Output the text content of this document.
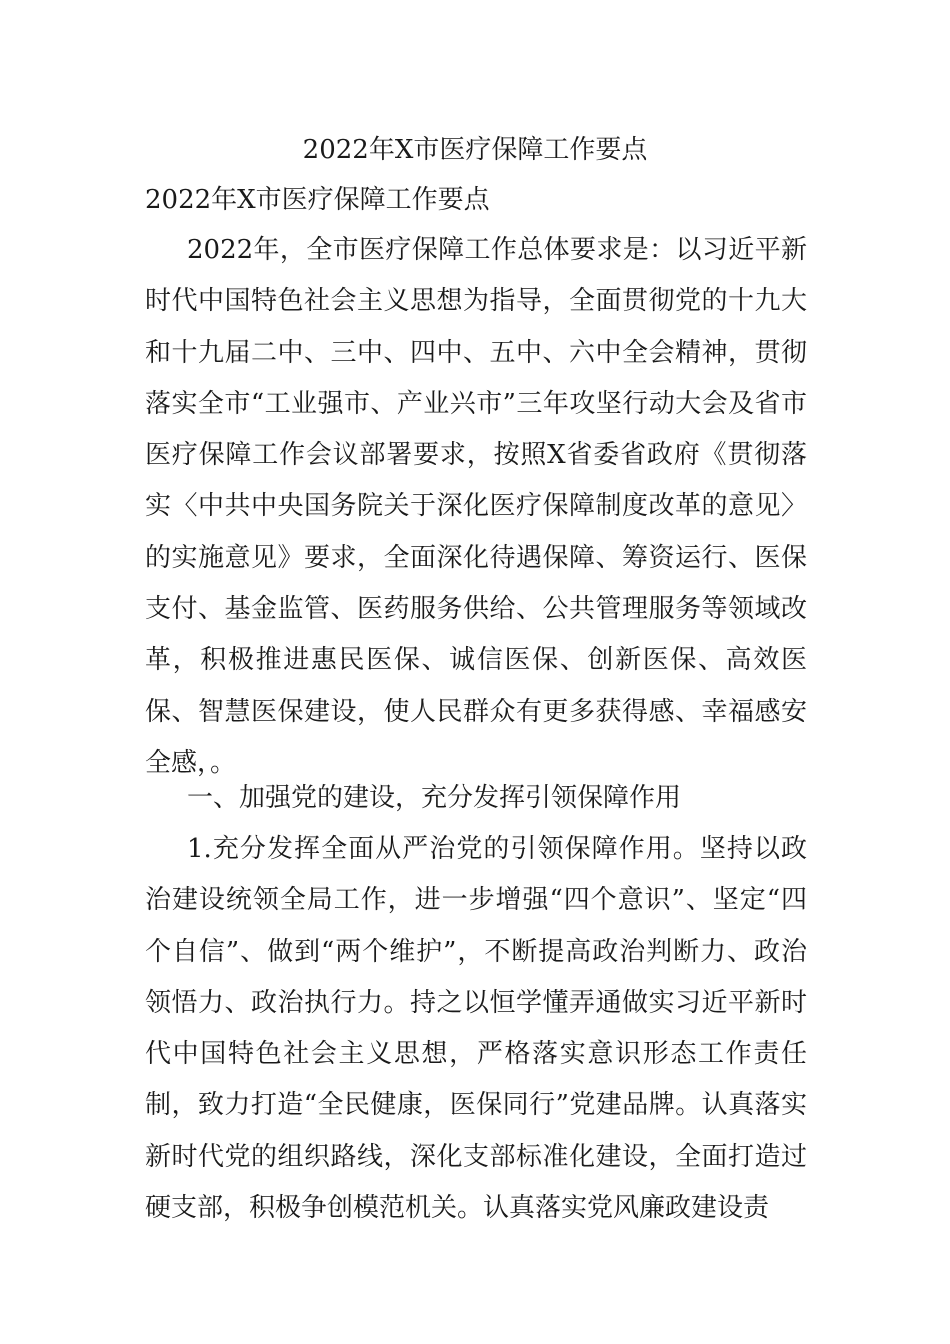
2022年X市医疗保障工作要点
2022年X市医疗保障工作要点

2022年，全市医疗保障工作总体要求是：以习近平新时代中国特色社会主义思想为指导，全面贯彻党的十九大和十九届二中、三中、四中、五中、六中全会精神，贯彻落实全市“工业强市、产业兴市”三年攻坚行动大会及省市医疗保障工作会议部署要求，按照X省委省政府《贯彻落实〈中共中央国务院关于深化医疗保障制度改革的意见〉的实施意见》要求，全面深化待遇保障、筹资运行、医保支付、基金监管、医药服务供给、公共管理服务等领域改革，积极推进惠民医保、诚信医保、创新医保、高效医保、智慧医保建设，使人民群众有更多获得感、幸福感安全感，。

一、加强党的建设，充分发挥引领保障作用

1.充分发挥全面从严治党的引领保障作用。坚持以政治建设统领全局工作，进一步增强“四个意识”、坚定“四个自信”、做到“两个维护”，不断提高政治判断力、政治领悟力、政治执行力。持之以恒学懂弄通做实习近平新时代中国特色社会主义思想，严格落实意识形态工作责任制，致力打造“全民健康，医保同行”党建品牌。认真落实新时代党的组织路线，深化支部标准化建设，全面打造过硬支部，积极争创模范机关。认真落实党风廉政建设责
